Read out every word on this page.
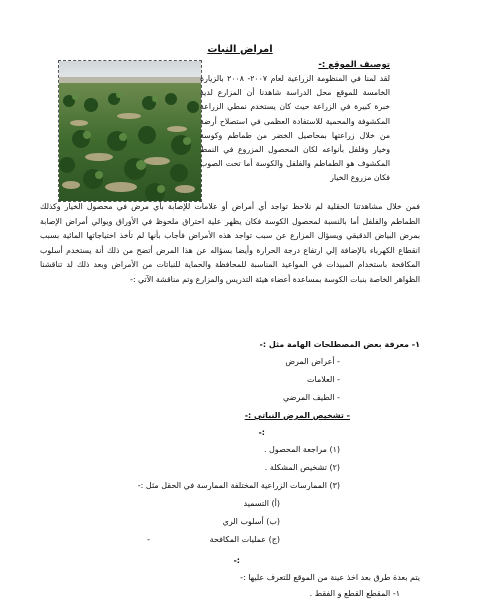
امراض النبات
توصيف الموقع :-
لقد لمنا في المنظومة الزراعية لعام ٢٠٠٧- ٢٠٠٨ بالزيارة الخامسة للموقع محل الدراسة شاهدنا أن المزارع لدية خبرة كبيرة في الزراعة حيث كان يستخدم نمطي الزراعة المكشوفة والمحمية للاستفادة العظمى في استصلاح أرضة من خلال زراعتها بمحاصيل الخضر من طماطم وكوسة وخيار وفلفل بأنواعه لكان المحصول المزروع في النمط المكشوف هو الطماطم والفلفل والكوسة أما تحت الصوب فكان مزروع الخيار
فمن خلال مشاهدتنا الحقلية لم نلاحظ تواجد أي أمراض أو علامات للإصابة بأي مرض في محصول الخيار وكذلك الطماطم والفلفل أما بالنسبة لمحصول الكوسة فكان يظهر علية احتراق ملحوظ في الأوراق ويوالي أمراض الإصابة بمرض البياض الدقيقي ويسؤال المزارع عن سبب تواجد هذه الأمراض فأجاب بأنها لم تأخذ احتياجاتها المائية بسبب انقطاع الكهرباء بالإضافة إلي ارتفاع درجة الحرارة وأيضا بسؤاله عن هذا المرض أتضح من ذلك أنة يستخدم أسلوب المكافحة باستخدام المبيدات في المواعيد المناسبة للمحافظة والحماية للنباتات من الأمراض وبعد ذلك لد تناقشنا الظواهر الخاصة بنبات الكوسة بمساعدة أعضاء هيئة التدريس والمزارع وتم مناقشة الآتي :-
١- معرفة بعض المصطلحات الهامة مثل :-
- أعراض المرض
- العلامات
- الطيف المرضي
- تشخيص المرض النباتي :-
:-
(١) مراجعة المحصول .
(٢) تشخيص المشكلة .
(٣) الممارسات الزراعية المختلفة الممارسة في الحقل مثل :-
(أ) التسميد
(ب) أسلوب الري
(ج) عمليات المكافحة
-
:-
يتم بعدة طرق بعد اخذ عينة من الموقع للتعرف عليها :-
١- المقطع القطع و الفقط .
